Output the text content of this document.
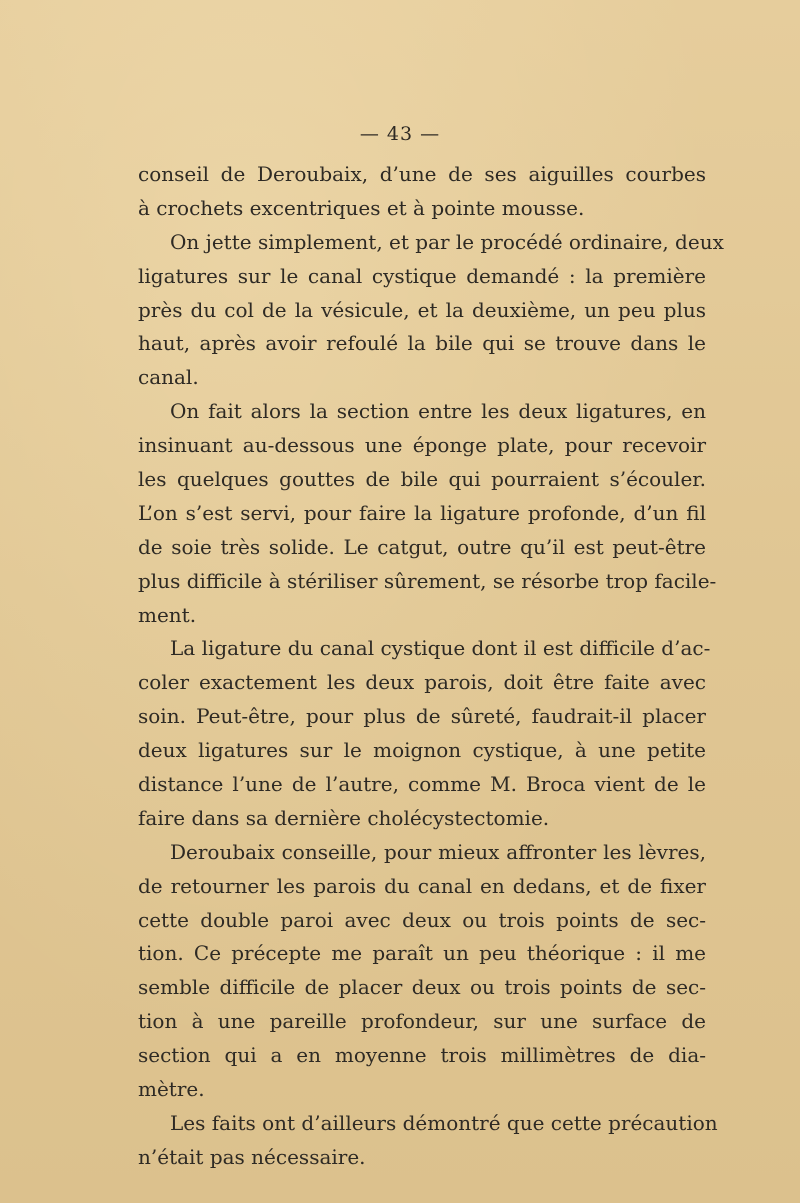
— 43 —
conseil de Deroubaix, d’une de ses aiguilles courbes
à crochets excentriques et à pointe mousse.
On jette simplement, et par le procédé ordinaire, deux
ligatures sur le canal cystique demandé : la première
près du col de la vésicule, et la deuxième, un peu plus
haut, après avoir refoulé la bile qui se trouve dans le
canal.
On fait alors la section entre les deux ligatures, en
insinuant au-dessous une éponge plate, pour recevoir
les quelques gouttes de bile qui pourraient s’écouler.
L’on s’est servi, pour faire la ligature profonde, d’un fil
de soie très solide. Le catgut, outre qu’il est peut-être
plus difficile à stériliser sûrement, se résorbe trop facile-
ment.
La ligature du canal cystique dont il est difficile d’ac-
coler exactement les deux parois, doit être faite avec
soin. Peut-être, pour plus de sûreté, faudrait-il placer
deux ligatures sur le moignon cystique, à une petite
distance l’une de l’autre, comme M. Broca vient de le
faire dans sa dernière cholécystectomie.
Deroubaix conseille, pour mieux affronter les lèvres,
de retourner les parois du canal en dedans, et de fixer
cette double paroi avec deux ou trois points de sec-
tion. Ce précepte me paraît un peu théorique : il me
semble difficile de placer deux ou trois points de sec-
tion à une pareille profondeur, sur une surface de
section qui a en moyenne trois millimètres de dia-
mètre.
Les faits ont d’ailleurs démontré que cette précaution
n’était pas nécessaire.
